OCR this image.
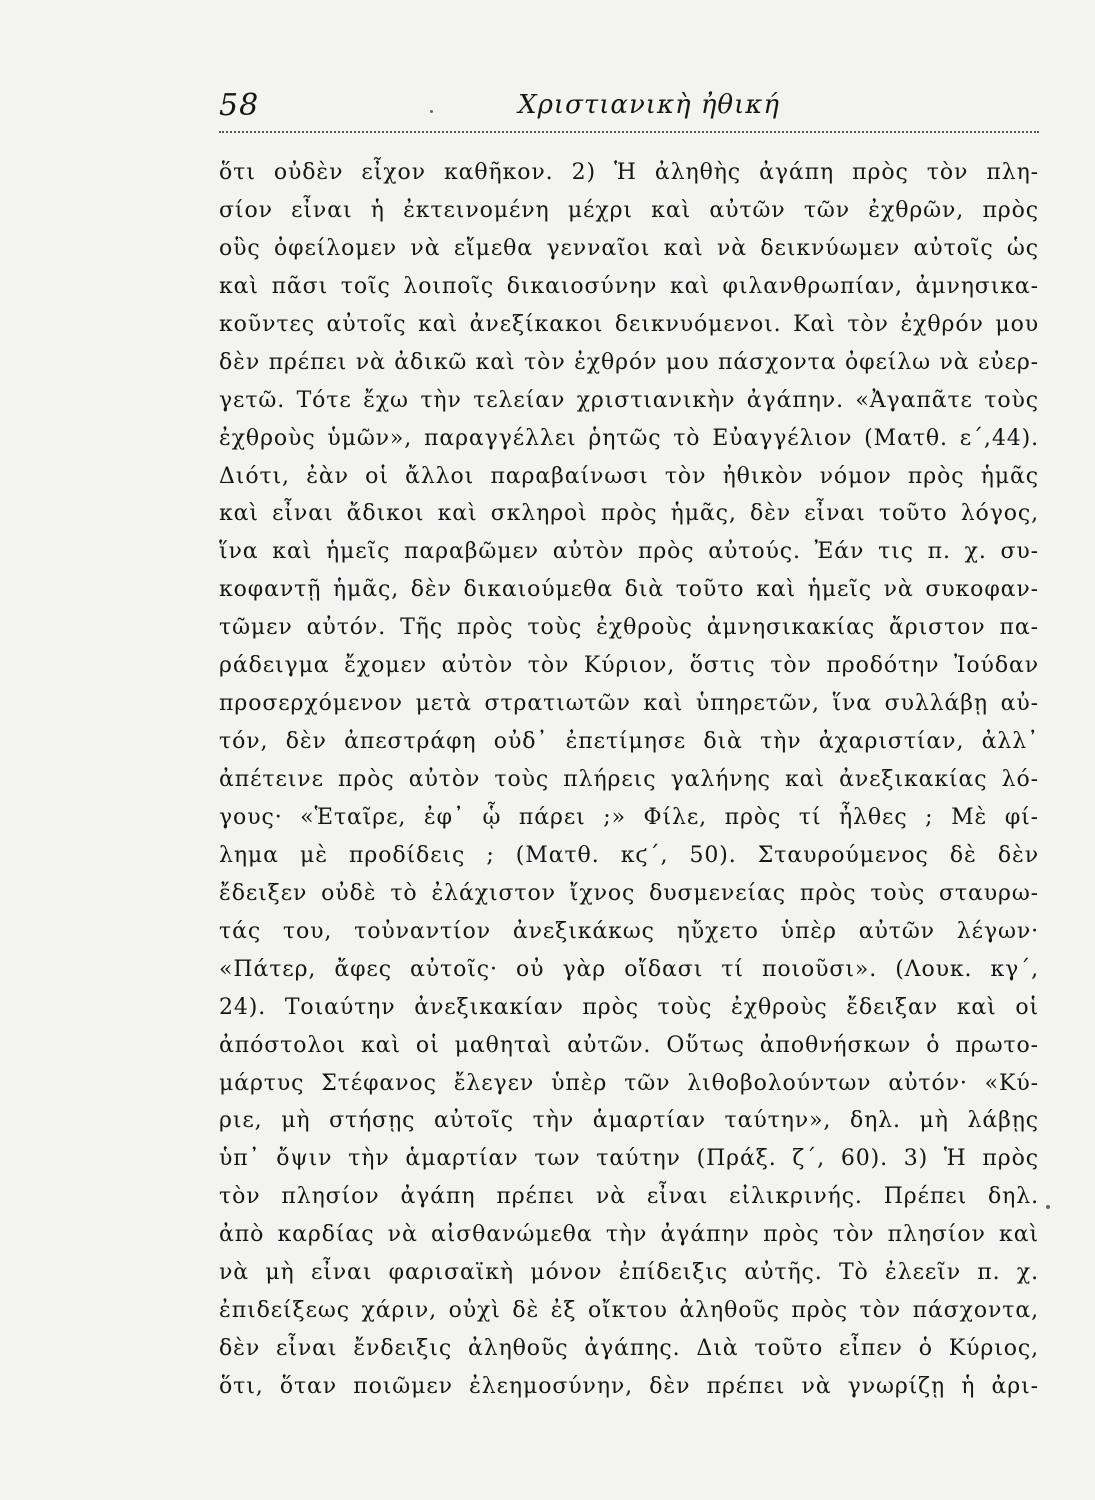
58	Χριστιανικὴ ἠθική
ὅτι οὐδὲν εἶχον καθῆκον. 2) Ἡ ἀληθὴς ἀγάπη πρὸς τὸν πλη-
σίον εἶναι ἡ ἐκτεινομένη μέχρι καὶ αὐτῶν τῶν ἐχθρῶν, πρὸς
οὓς ὀφείλομεν νὰ εἴμεθα γενναῖοι καὶ νὰ δεικνύωμεν αὐτοῖς ὡς
καὶ πᾶσι τοῖς λοιποῖς δικαιοσύνην καὶ φιλανθρωπίαν, ἀμνησικα-
κοῦντες αὐτοῖς καὶ ἀνεξίκακοι δεικνυόμενοι. Καὶ τὸν ἐχθρόν μου
δὲν πρέπει νὰ ἀδικῶ καὶ τὸν ἐχθρόν μου πάσχοντα ὀφείλω νὰ εὐερ-
γετῶ. Τότε ἔχω τὴν τελείαν χριστιανικὴν ἀγάπην. «Ἀγαπᾶτε τοὺς
ἐχθροὺς ὑμῶν», παραγγέλλει ῥητῶς τὸ Εὐαγγέλιον (Ματθ. ε΄,44).
Διότι, ἐὰν οἱ ἄλλοι παραβαίνωσι τὸν ἠθικὸν νόμον πρὸς ἡμᾶς
καὶ εἶναι ἄδικοι καὶ σκληροὶ πρὸς ἡμᾶς, δὲν εἶναι τοῦτο λόγος,
ἵνα καὶ ἡμεῖς παραβῶμεν αὐτὸν πρὸς αὐτούς. Ἐάν τις π. χ. συ-
κοφαντῇ ἡμᾶς, δὲν δικαιούμεθα διὰ τοῦτο καὶ ἡμεῖς νὰ συκοφαν-
τῶμεν αὐτόν. Τῆς πρὸς τοὺς ἐχθροὺς ἀμνησικακίας ἄριστον πα-
ράδειγμα ἔχομεν αὐτὸν τὸν Κύριον, ὅστις τὸν προδότην Ἰούδαν
προσερχόμενον μετὰ στρατιωτῶν καὶ ὑπηρετῶν, ἵνα συλλάβῃ αὐ-
τόν, δὲν ἀπεστράφη οὐδ᾽ ἐπετίμησε διὰ τὴν ἀχαριστίαν, ἀλλ᾽
ἀπέτεινε πρὸς αὐτὸν τοὺς πλήρεις γαλήνης καὶ ἀνεξικακίας λό-
γους· «Ἑταῖρε, ἐφ᾽ ᾧ πάρει ;» Φίλε, πρὸς τί ἦλθες ; Μὲ φί-
λημα μὲ προδίδεις ; (Ματθ. κϛ΄, 50). Σταυρούμενος δὲ δὲν
ἔδειξεν οὐδὲ τὸ ἐλάχιστον ἴχνος δυσμενείας πρὸς τοὺς σταυρω-
τάς του, τοὐναντίον ἀνεξικάκως ηὔχετο ὑπὲρ αὐτῶν λέγων·
«Πάτερ, ἄφες αὐτοῖς· οὐ γὰρ οἴδασι τί ποιοῦσι». (Λουκ. κγ΄,
24). Τοιαύτην ἀνεξικακίαν πρὸς τοὺς ἐχθροὺς ἔδειξαν καὶ οἱ
ἀπόστολοι καὶ οἱ μαθηταὶ αὐτῶν. Οὕτως ἀποθνήσκων ὁ πρωτο-
μάρτυς Στέφανος ἔλεγεν ὑπὲρ τῶν λιθοβολούντων αὐτόν· «Κύ-
ριε, μὴ στήσῃς αὐτοῖς τὴν ἁμαρτίαν ταύτην», δηλ. μὴ λάβῃς
ὑπ᾽ ὄψιν τὴν ἁμαρτίαν των ταύτην (Πράξ. ζ΄, 60). 3) Ἡ πρὸς
τὸν πλησίον ἀγάπη πρέπει νὰ εἶναι εἰλικρινής. Πρέπει δηλ.
ἀπὸ καρδίας νὰ αἰσθανώμεθα τὴν ἀγάπην πρὸς τὸν πλησίον καὶ
νὰ μὴ εἶναι φαρισαϊκὴ μόνον ἐπίδειξις αὐτῆς. Τὸ ἐλεεῖν π. χ.
ἐπιδείξεως χάριν, οὐχὶ δὲ ἐξ οἴκτου ἀληθοῦς πρὸς τὸν πάσχοντα,
δὲν εἶναι ἔνδειξις ἀληθοῦς ἀγάπης. Διὰ τοῦτο εἶπεν ὁ Κύριος,
ὅτι, ὅταν ποιῶμεν ἐλεημοσύνην, δὲν πρέπει νὰ γνωρίζῃ ἡ ἀρι-
